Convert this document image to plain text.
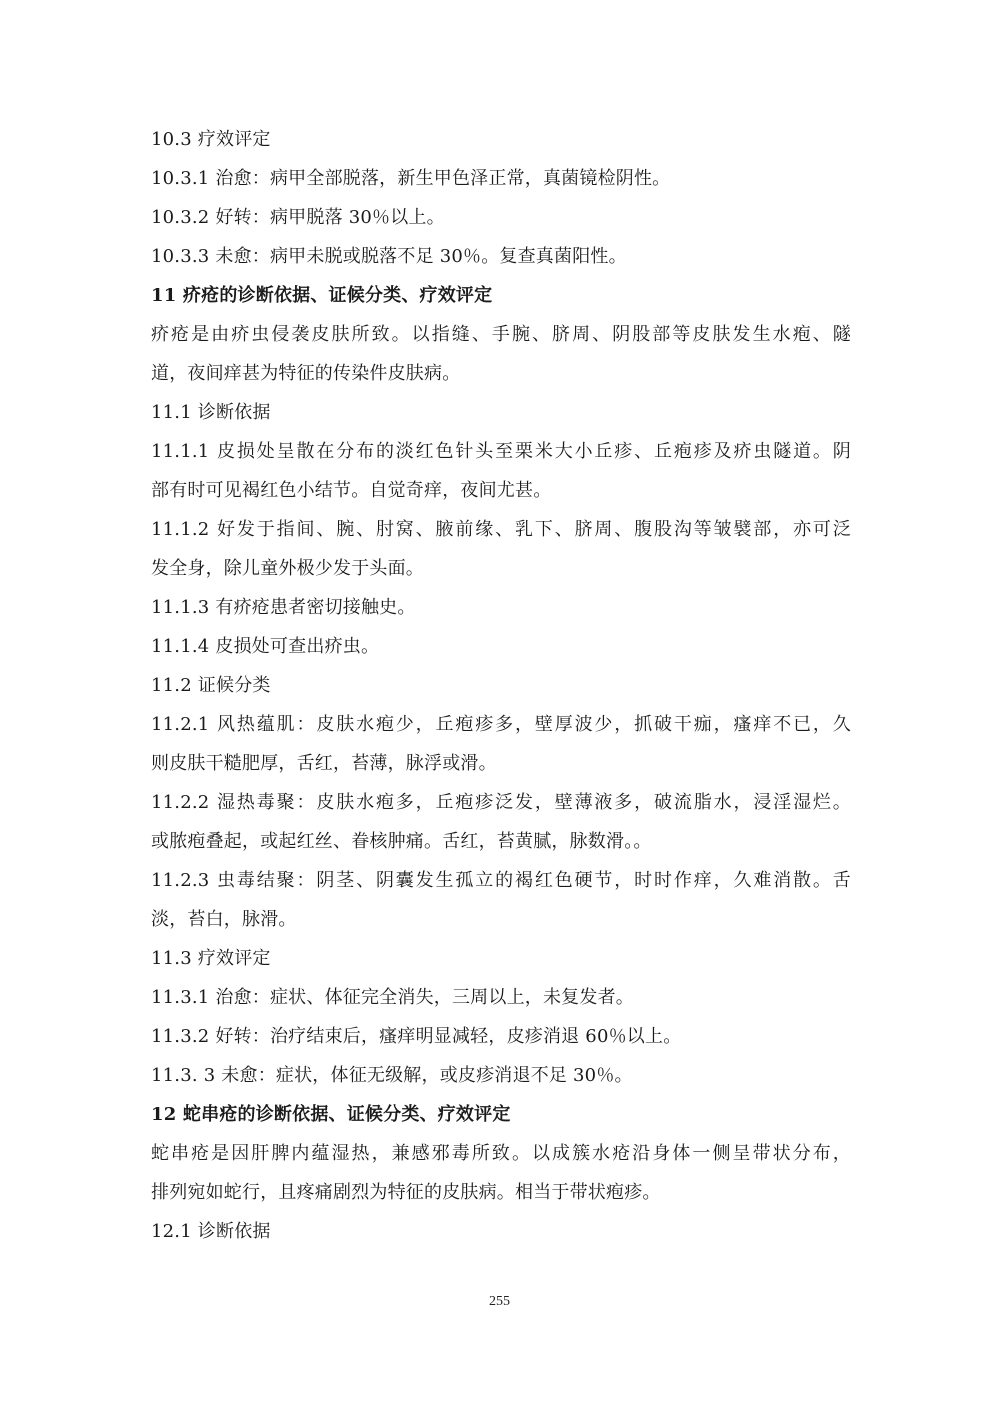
10.3 疗效评定
10.3.1 治愈：病甲全部脱落，新生甲色泽正常，真菌镜检阴性。
10.3.2 好转：病甲脱落 30％以上。
10.3.3 未愈：病甲未脱或脱落不足 30％。复查真菌阳性。
11 疥疮的诊断依据、证候分类、疗效评定
疥疮是由疥虫侵袭皮肤所致。以指缝、手腕、脐周、阴股部等皮肤发生水疱、隧
道，夜间痒甚为特征的传染件皮肤病。
11.1 诊断依据
11.1.1 皮损处呈散在分布的淡红色针头至栗米大小丘疹、丘疱疹及疥虫隧道。阴
部有时可见褐红色小结节。自觉奇痒，夜间尤甚。
11.1.2 好发于指间、腕、肘窝、腋前缘、乳下、脐周、腹股沟等皱襞部，亦可泛
发全身，除儿童外极少发于头面。
11.1.3 有疥疮患者密切接触史。
11.1.4 皮损处可查出疥虫。
11.2 证候分类
11.2.1 风热蕴肌：皮肤水疱少，丘疱疹多，壁厚波少，抓破干痂，瘙痒不已，久
则皮肤干糙肥厚，舌红，苔薄，脉浮或滑。
11.2.2 湿热毒聚：皮肤水疱多，丘疱疹泛发，壁薄液多，破流脂水，浸淫湿烂。
或脓疱叠起，或起红丝、眷核肿痛。舌红，苔黄腻，脉数滑。。
11.2.3 虫毒结聚：阴茎、阴囊发生孤立的褐红色硬节，时时作痒，久难消散。舌
淡，苔白，脉滑。
11.3 疗效评定
11.3.1 治愈：症状、体征完全消失，三周以上，未复发者。
11.3.2 好转：治疗结束后，瘙痒明显减轻，皮疹消退 60％以上。
11.3. 3 未愈：症状，体征无级解，或皮疹消退不足 30％。
12 蛇串疮的诊断依据、证候分类、疗效评定
蛇串疮是因肝脾内蕴湿热，兼感邪毒所致。以成簇水疮沿身体一侧呈带状分布，
排列宛如蛇行，且疼痛剧烈为特征的皮肤病。相当于带状疱疹。
12.1 诊断依据
255
